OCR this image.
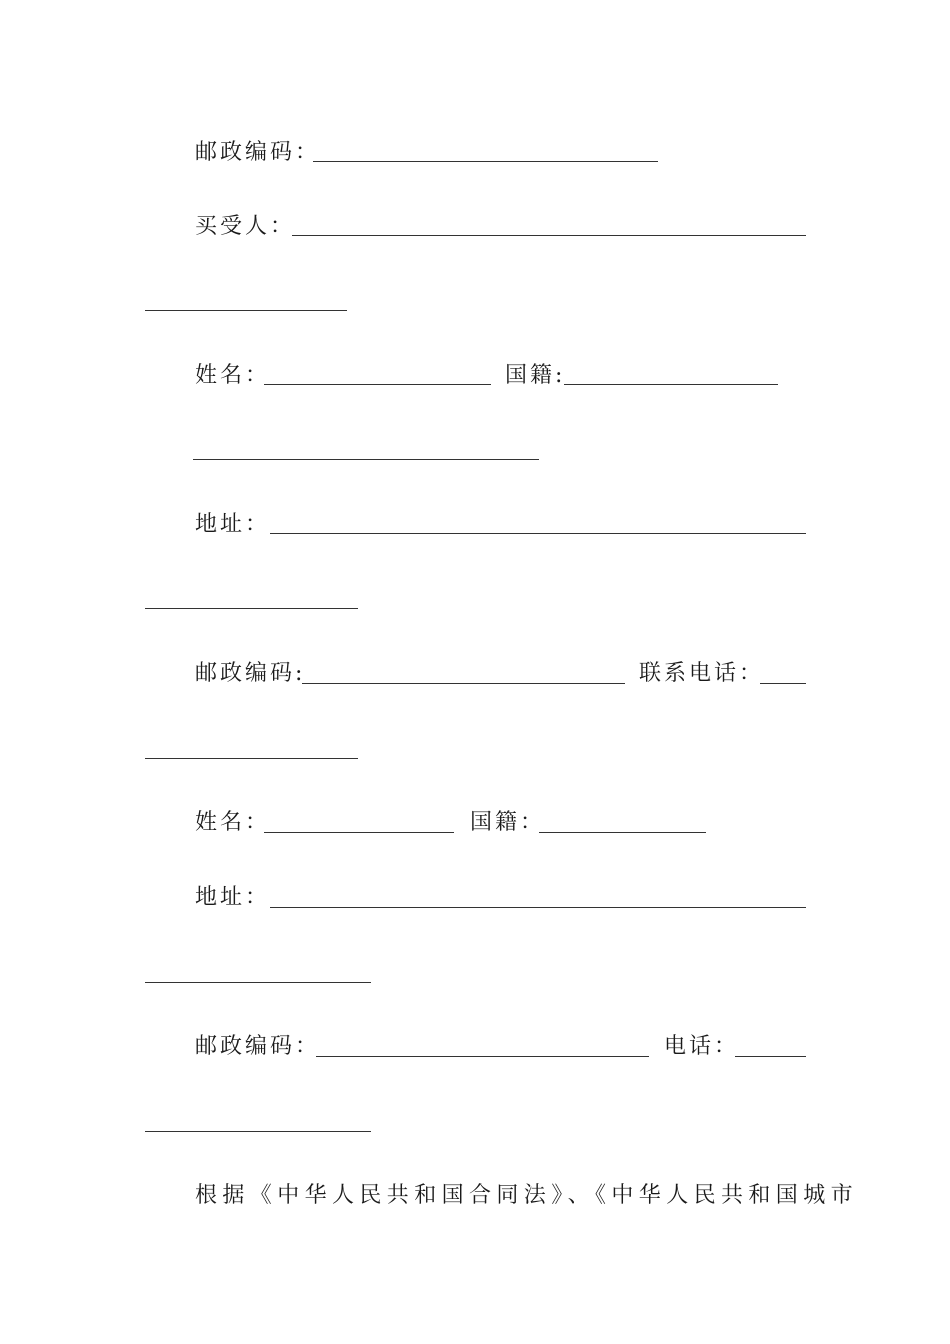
邮政编码：
买受人：
姓名：	国籍:
地址：
邮政编码:	联系电话：
姓名：	国籍：
地址：
邮政编码：	电话：
根据《中华人民共和国合同法》、《中华人民共和国城市
